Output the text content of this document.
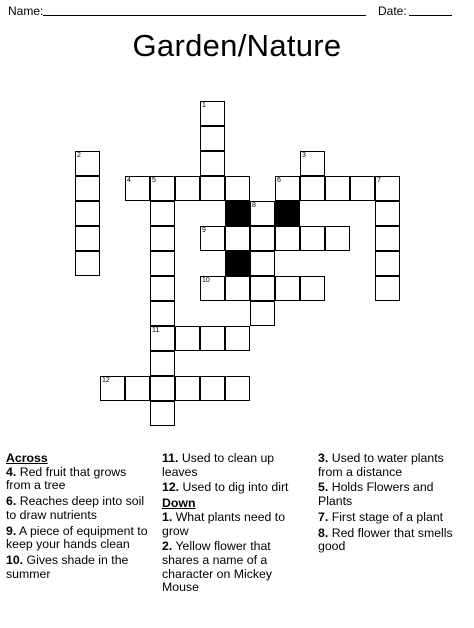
Name:	Date:
Garden/Nature
1
2	3
4	5
11
6	7
8
9
10
12
Across
4. Red fruit that grows from a tree
6. Reaches deep into soil to draw nutrients
9. A piece of equipment to keep your hands clean
10. Gives shade in the summer
11. Used to clean up leaves
12. Used to dig into dirt
Down
1. What plants need to grow
2. Yellow flower that shares a name of a character on Mickey Mouse
3. Used to water plants from a distance
5. Holds Flowers and Plants
7. First stage of a plant
8. Red flower that smells good
